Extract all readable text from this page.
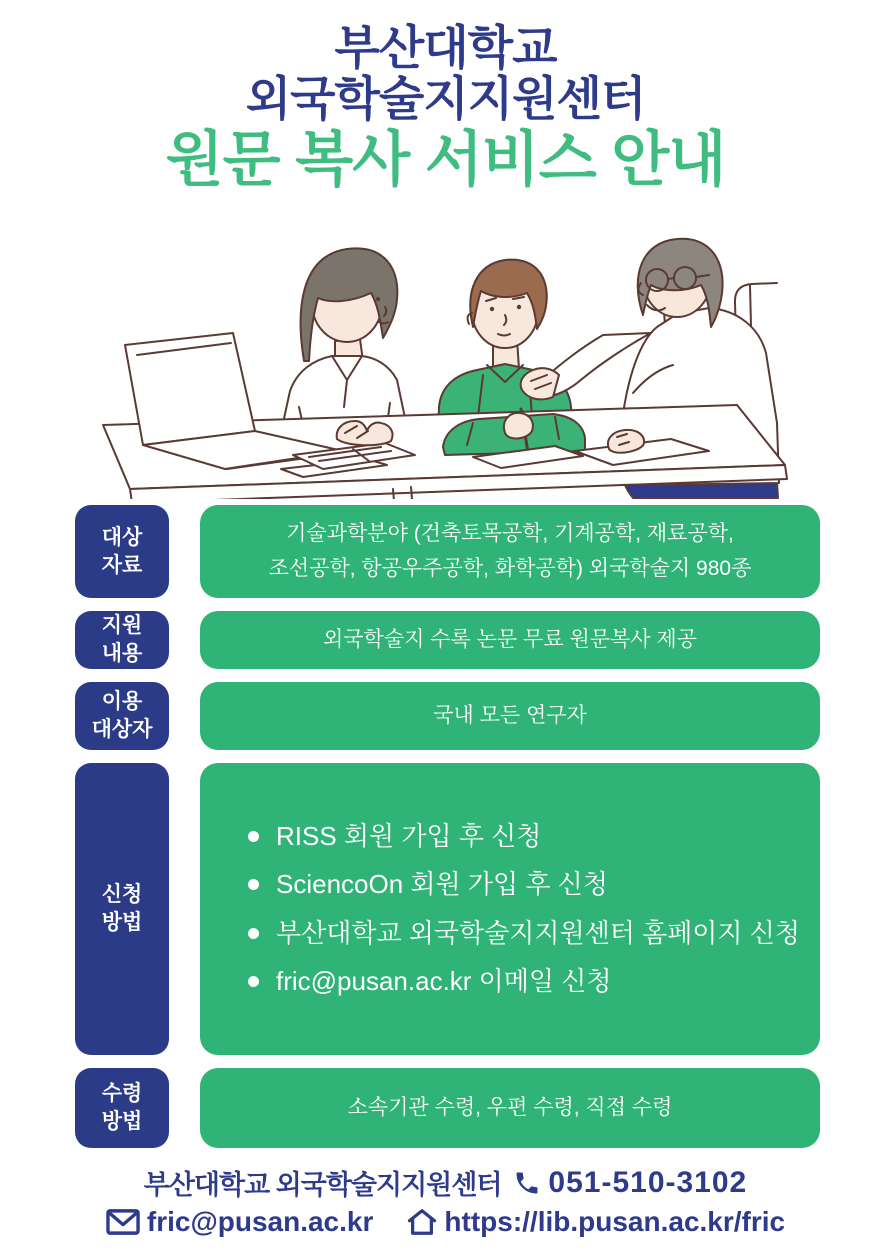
부산대학교
외국학술지지원센터
원문 복사 서비스 안내
대상
자료
기술과학분야 (건축토목공학, 기계공학, 재료공학,
조선공학, 항공우주공학, 화학공학) 외국학술지 980종
지원
내용
외국학술지 수록 논문 무료 원문복사 제공
이용
대상자
국내 모든 연구자
신청
방법
RISS 회원 가입 후 신청
SciencoOn 회원 가입 후 신청
부산대학교 외국학술지지원센터 홈페이지 신청
fric@pusan.ac.kr 이메일 신청
수령
방법
소속기관 수령, 우편 수령, 직접 수령
부산대학교 외국학술지지원센터 051-510-3102
fric@pusan.ac.kr	https://lib.pusan.ac.kr/fric
